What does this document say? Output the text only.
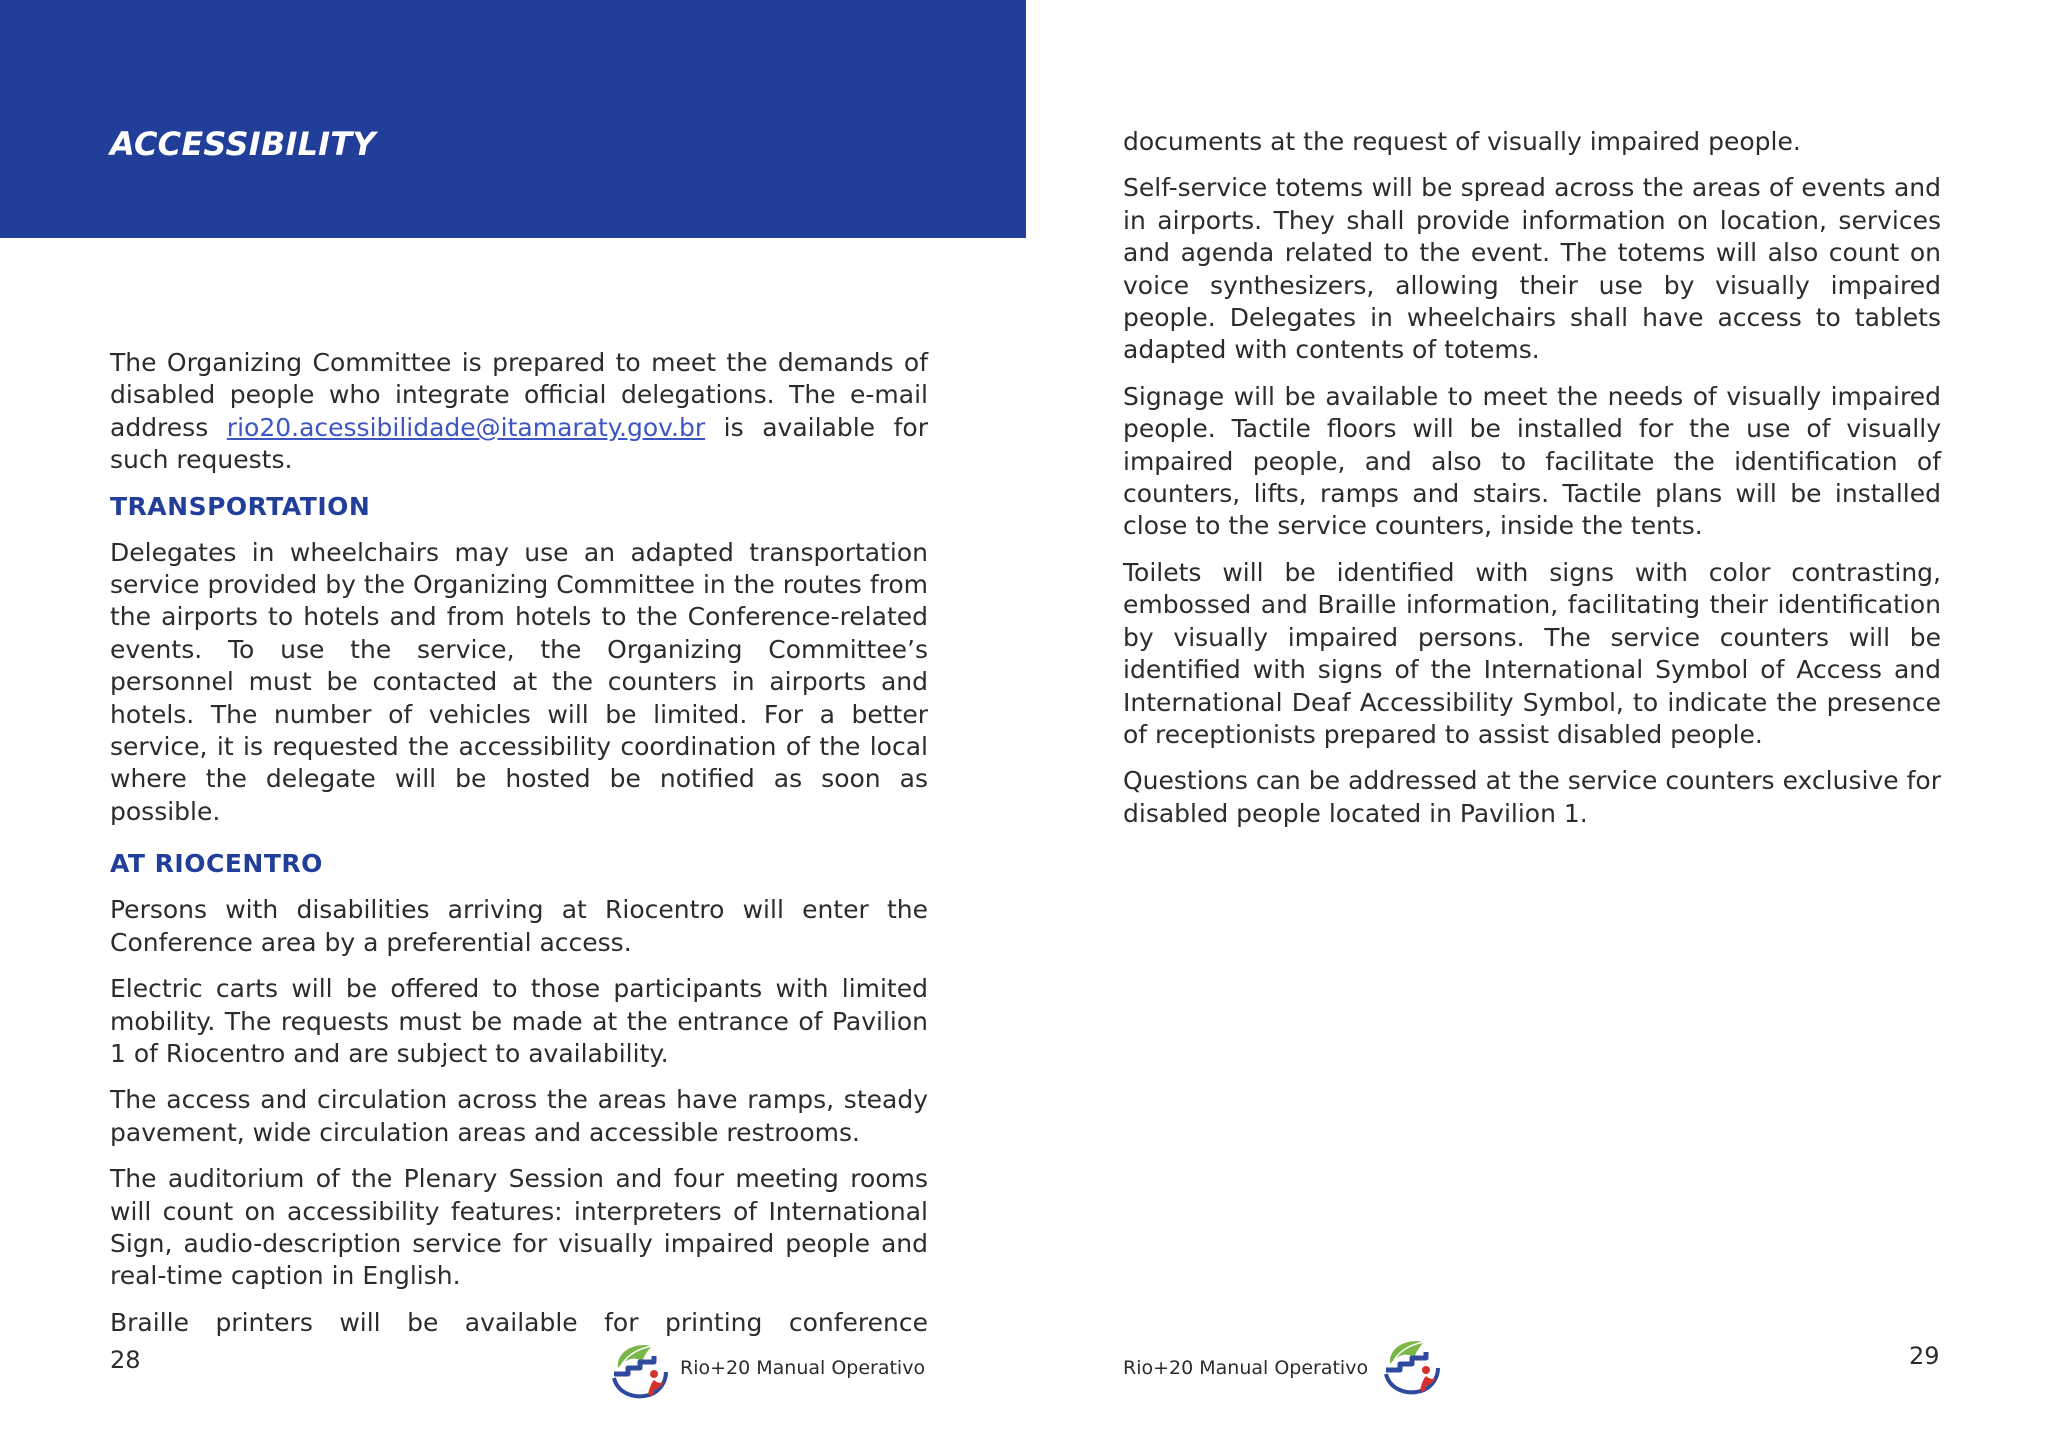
ACCESSIBILITY

The Organizing Committee is prepared to meet the demands of disabled people who integrate official delegations. The e-mail address rio20.acessibilidade@itamaraty.gov.br is available for such requests.

TRANSPORTATION

Delegates in wheelchairs may use an adapted transportation service provided by the Organizing Committee in the routes from the airports to hotels and from hotels to the Conference-related events. To use the service, the Organizing Committee’s personnel must be contacted at the counters in airports and hotels. The number of vehicles will be limited. For a better service, it is requested the accessibility coordination of the local where the delegate will be hosted be notified as soon as possible.

AT RIOCENTRO

Persons with disabilities arriving at Riocentro will enter the Conference area by a preferential access.

Electric carts will be offered to those participants with limited mobility. The requests must be made at the entrance of Pavilion 1 of Riocentro and are subject to availability.

The access and circulation across the areas have ramps, steady pavement, wide circulation areas and accessible restrooms.

The auditorium of the Plenary Session and four meeting rooms will count on accessibility features: interpreters of International Sign, audio-description service for visually impaired people and real-time caption in English.

Braille printers will be available for printing conference

28	Rio+20 Manual Operativo

documents at the request of visually impaired people.

Self-service totems will be spread across the areas of events and in airports. They shall provide information on location, services and agenda related to the event. The totems will also count on voice synthesizers, allowing their use by visually impaired people. Delegates in wheelchairs shall have access to tablets adapted with contents of totems.

Signage will be available to meet the needs of visually impaired people. Tactile floors will be installed for the use of visually impaired people, and also to facilitate the identification of counters, lifts, ramps and stairs. Tactile plans will be installed close to the service counters, inside the tents.

Toilets will be identified with signs with color contrasting, embossed and Braille information, facilitating their identification by visually impaired persons. The service counters will be identified with signs of the International Symbol of Access and International Deaf Accessibility Symbol, to indicate the presence of receptionists prepared to assist disabled people.

Questions can be addressed at the service counters exclusive for disabled people located in Pavilion 1.

Rio+20 Manual Operativo	29
